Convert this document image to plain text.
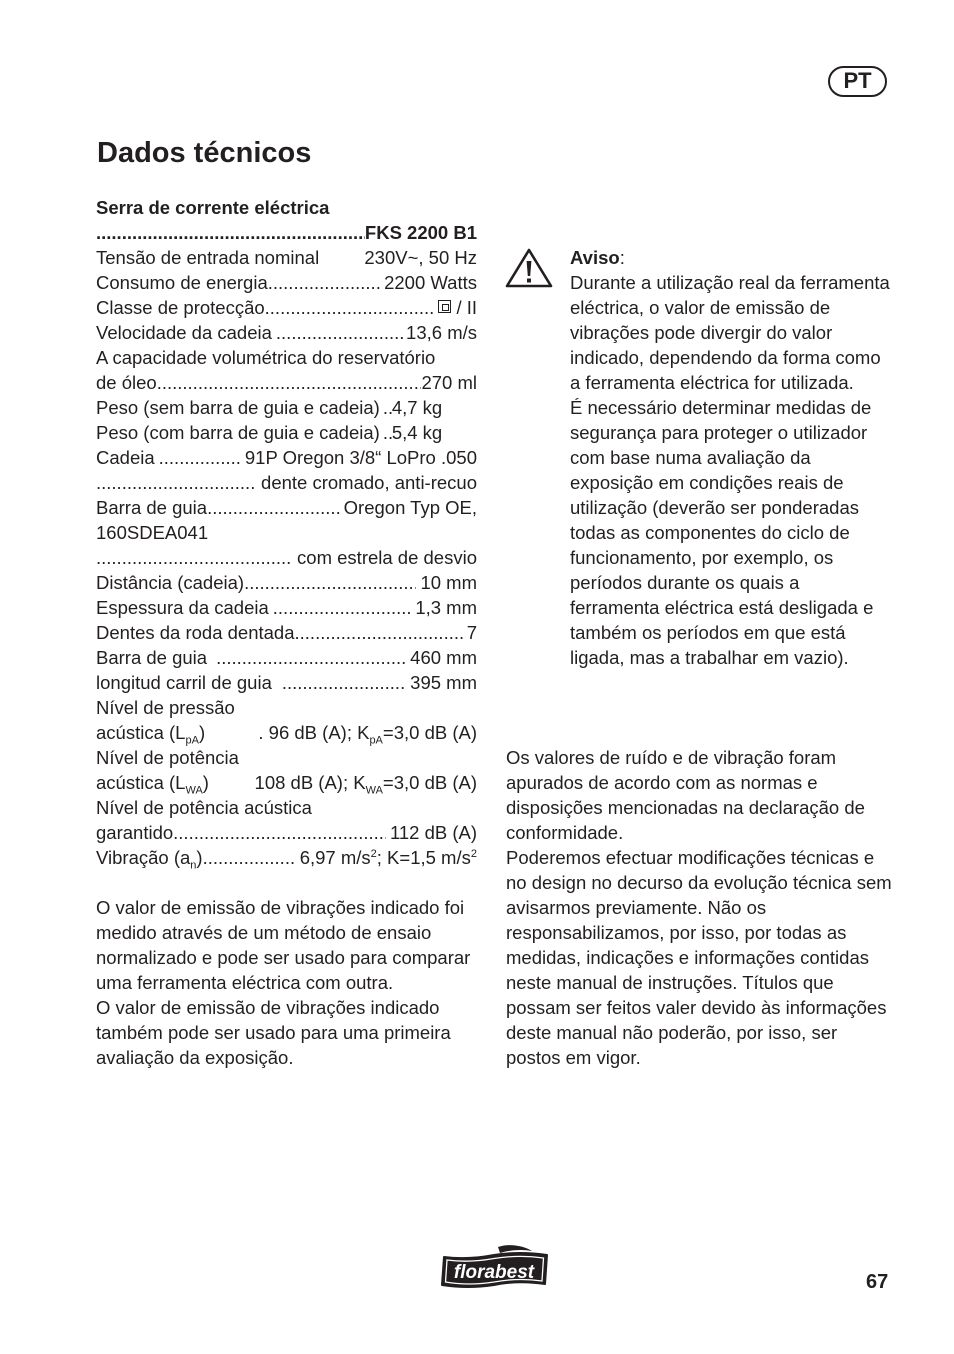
PT
Dados técnicos
Serra de corrente eléctrica
.....
FKS 2200 B1
Tensão de entrada nominal 230V~, 50 Hz
Consumo de energia .....	2200 Watts
Classe de protecção .....	/ II
Velocidade da cadeia .....	13,6 m/s
A capacidade volumétrica do reservatório
de óleo .....	270 ml
Peso (sem barra de guia e cadeia) ..... 4,7 kg
Peso (com barra de guia e cadeia) ..... 5,4 kg
Cadeia .....	91P Oregon 3/8“ LoPro .050
.....
dente cromado, anti-recuo
Barra de guia .....	Oregon Typ OE,
160SDEA041
.....
com estrela de desvio
Distância (cadeia) .....	10 mm
Espessura da cadeia .....	1,3 mm
Dentes da roda dentada .....	7
Barra de guia .....	460 mm
longitud carril de guia .....	395 mm
Nível de pressão
acústica $(L_{pA})$	. 96 dB (A); $K_{pA}=3,0$ dB (A)
Nível de potência
acústica $(L_{WA})$ 108 dB (A); $K_{WA}=3,0$ dB (A)
Nível de potência acústica
garantido .....	112 dB (A)
Vibração $(a_n)$ .....	6,97 $m/s^2$; K=1,5 $m/s^2$

O valor de emissão de vibrações indicado foi medido através de um método de ensaio normalizado e pode ser usado para comparar uma ferramenta eléctrica com outra.

O valor de emissão de vibrações indicado também pode ser usado para uma primeira avaliação da exposição.

Aviso:

Durante a utilização real da ferramenta eléctrica, o valor de emissão de vibrações pode divergir do valor indicado, dependendo da forma como a ferramenta eléctrica for utilizada.

É necessário determinar medidas de segurança para proteger o utilizador com base numa avaliação da exposição em condições reais de utilização (deverão ser ponderadas todas as componentes do ciclo de funcionamento, por exemplo, os períodos durante os quais a ferramenta eléctrica está desligada e também os períodos em que está ligada, mas a trabalhar em vazio).

Os valores de ruído e de vibração foram apurados de acordo com as normas e disposições mencionadas na declaração de conformidade.

Poderemos efectuar modificações técnicas e no design no decurso da evolução técnica sem avisarmos previamente. Não os responsabilizamos, por isso, por todas as medidas, indicações e informações contidas neste manual de instruções. Títulos que possam ser feitos valer devido às informações deste manual não poderão, por isso, ser postos em vigor.

florabest	67
